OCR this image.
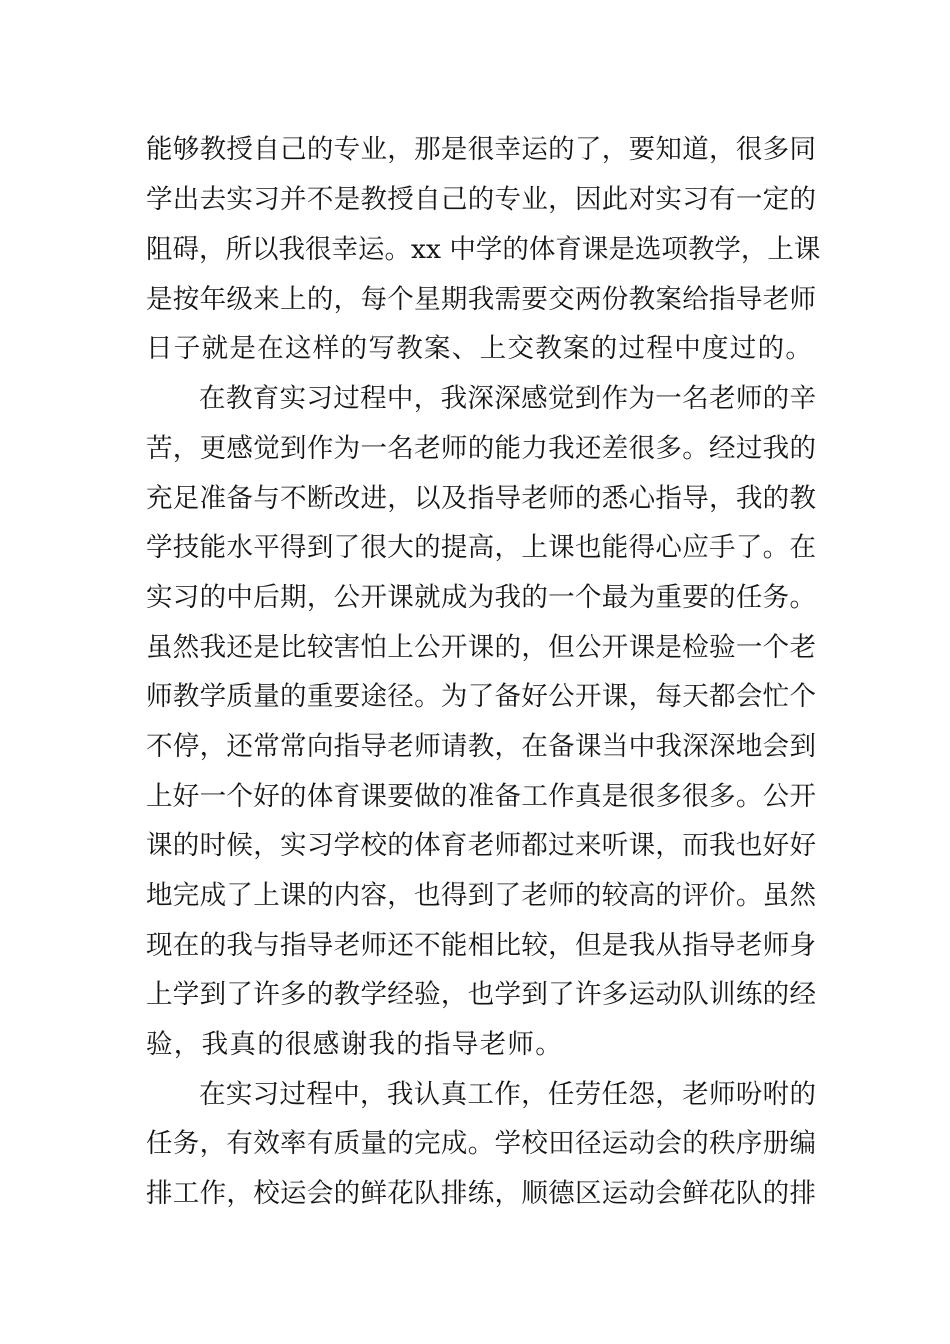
能够教授自己的专业，那是很幸运的了，要知道，很多同
学出去实习并不是教授自己的专业，因此对实习有一定的
阻碍，所以我很幸运。xx 中学的体育课是选项教学，上课
是按年级来上的，每个星期我需要交两份教案给指导老师
日子就是在这样的写教案、上交教案的过程中度过的。
在教育实习过程中，我深深感觉到作为一名老师的辛
苦，更感觉到作为一名老师的能力我还差很多。经过我的
充足准备与不断改进，以及指导老师的悉心指导，我的教
学技能水平得到了很大的提高，上课也能得心应手了。在
实习的中后期，公开课就成为我的一个最为重要的任务。
虽然我还是比较害怕上公开课的，但公开课是检验一个老
师教学质量的重要途径。为了备好公开课，每天都会忙个
不停，还常常向指导老师请教，在备课当中我深深地会到
上好一个好的体育课要做的准备工作真是很多很多。公开
课的时候，实习学校的体育老师都过来听课，而我也好好
地完成了上课的内容，也得到了老师的较高的评价。虽然
现在的我与指导老师还不能相比较，但是我从指导老师身
上学到了许多的教学经验，也学到了许多运动队训练的经
验，我真的很感谢我的指导老师。
在实习过程中，我认真工作，任劳任怨，老师吩咐的
任务，有效率有质量的完成。学校田径运动会的秩序册编
排工作，校运会的鲜花队排练，顺德区运动会鲜花队的排
